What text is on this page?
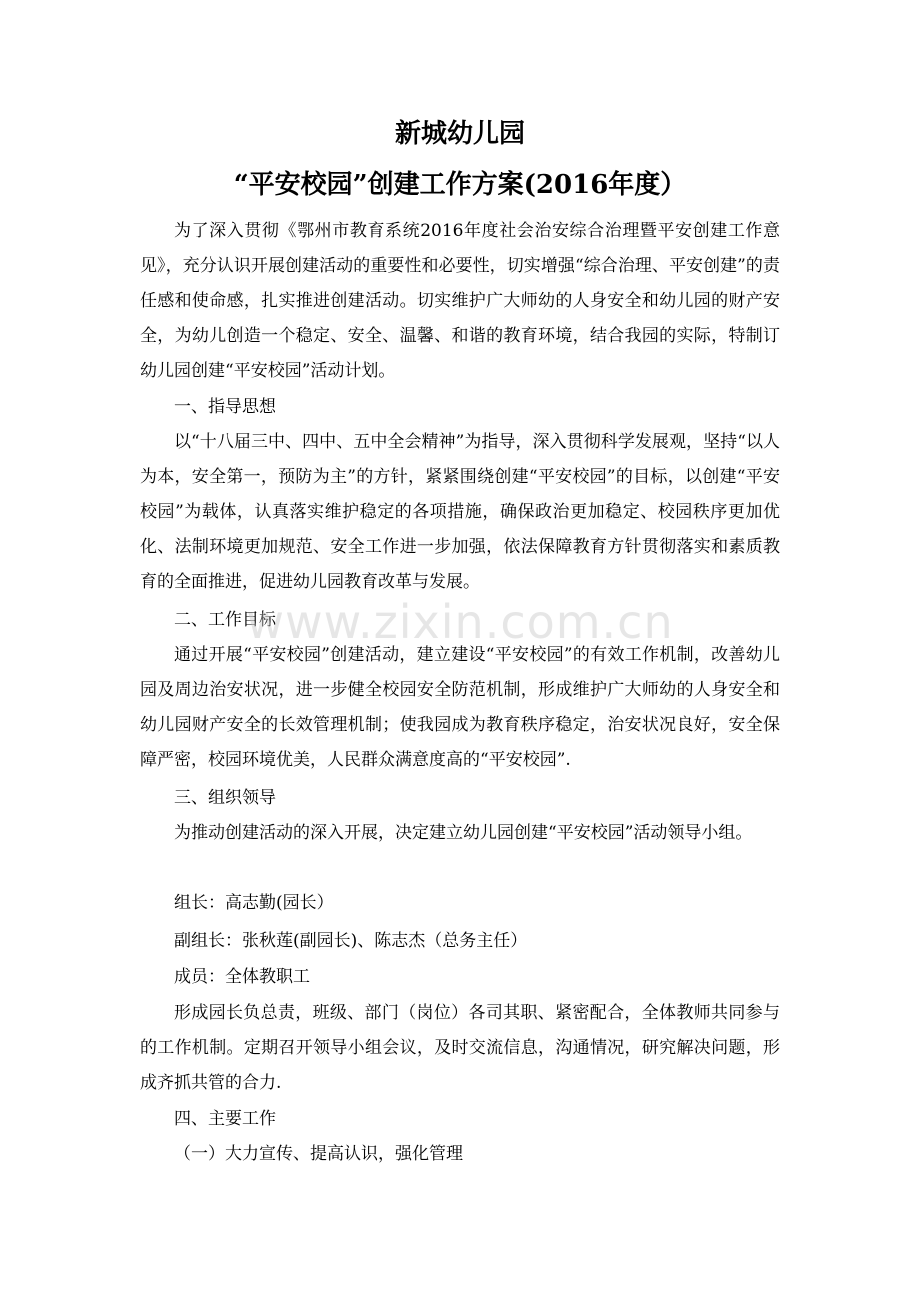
新城幼儿园
“平安校园”创建工作方案(2016年度）
为了深入贯彻《鄂州市教育系统2016年度社会治安综合治理暨平安创建工作意见》，充分认识开展创建活动的重要性和必要性，切实增强“综合治理、平安创建”的责任感和使命感，扎实推进创建活动。切实维护广大师幼的人身安全和幼儿园的财产安全，为幼儿创造一个稳定、安全、温馨、和谐的教育环境，结合我园的实际，特制订幼儿园创建“平安校园”活动计划。
一、指导思想
以“十八届三中、四中、五中全会精神”为指导，深入贯彻科学发展观，坚持“以人为本，安全第一，预防为主”的方针，紧紧围绕创建“平安校园”的目标，以创建“平安校园”为载体，认真落实维护稳定的各项措施，确保政治更加稳定、校园秩序更加优化、法制环境更加规范、安全工作进一步加强，依法保障教育方针贯彻落实和素质教育的全面推进，促进幼儿园教育改革与发展。
二、工作目标
通过开展“平安校园”创建活动，建立建设“平安校园”的有效工作机制，改善幼儿园及周边治安状况，进一步健全校园安全防范机制，形成维护广大师幼的人身安全和幼儿园财产安全的长效管理机制；使我园成为教育秩序稳定，治安状况良好，安全保障严密，校园环境优美，人民群众满意度高的“平安校园”.
三、组织领导
为推动创建活动的深入开展，决定建立幼儿园创建“平安校园”活动领导小组。
组长：高志勤(园长）
副组长：张秋莲(副园长)、陈志杰（总务主任）
成员：全体教职工
形成园长负总责，班级、部门（岗位）各司其职、紧密配合，全体教师共同参与的工作机制。定期召开领导小组会议，及时交流信息，沟通情况，研究解决问题，形成齐抓共管的合力.
四、主要工作
（一）大力宣传、提高认识，强化管理
www.zixin.com.cn
